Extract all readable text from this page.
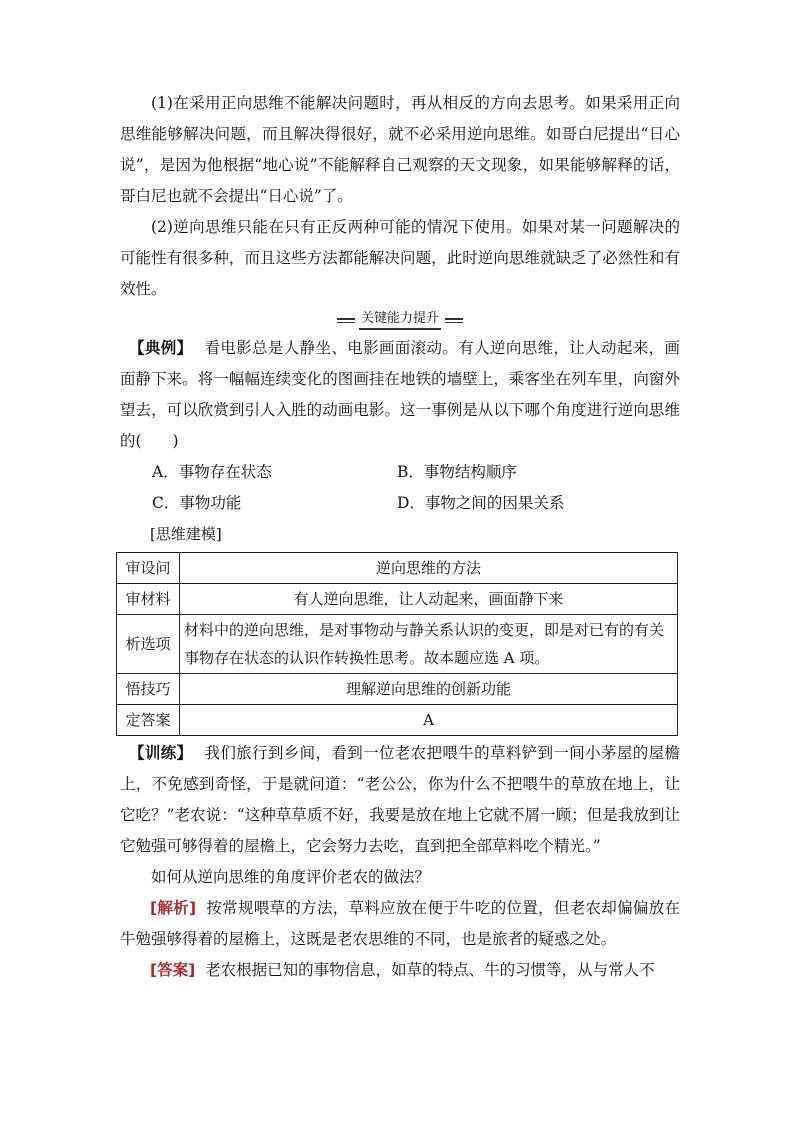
(1)在采用正向思维不能解决问题时，再从相反的方向去思考。如果采用正向思维能够解决问题，而且解决得很好，就不必采用逆向思维。如哥白尼提出“日心说”，是因为他根据“地心说”不能解释自己观察的天文现象，如果能够解释的话，哥白尼也就不会提出“日心说”了。

(2)逆向思维只能在只有正反两种可能的情况下使用。如果对某一问题解决的可能性有很多种，而且这些方法都能解决问题，此时逆向思维就缺乏了必然性和有效性。

关键能力提升

【典例】 看电影总是人静坐、电影画面滚动。有人逆向思维，让人动起来，画面静下来。将一幅幅连续变化的图画挂在地铁的墙壁上，乘客坐在列车里，向窗外望去，可以欣赏到引人入胜的动画电影。这一事例是从以下哪个角度进行逆向思维的(　　)

A．事物存在状态	B．事物结构顺序
C．事物功能	D．事物之间的因果关系
[思维建模]
审设问	逆向思维的方法
审材料	有人逆向思维，让人动起来，画面静下来
析选项	材料中的逆向思维，是对事物动与静关系认识的变更，即是对已有的有关事物存在状态的认识作转换性思考。故本题应选 A 项。
悟技巧	理解逆向思维的创新功能
定答案	A

【训练】 我们旅行到乡间，看到一位老农把喂牛的草料铲到一间小茅屋的屋檐上，不免感到奇怪，于是就问道：“老公公，你为什么不把喂牛的草放在地上，让它吃？”老农说：“这种草草质不好，我要是放在地上它就不屑一顾；但是我放到让它勉强可够得着的屋檐上，它会努力去吃，直到把全部草料吃个精光。”

如何从逆向思维的角度评价老农的做法？

[解析] 按常规喂草的方法，草料应放在便于牛吃的位置，但老农却偏偏放在牛勉强够得着的屋檐上，这既是老农思维的不同，也是旅者的疑惑之处。

[答案] 老农根据已知的事物信息，如草的特点、牛的习惯等，从与常人不
